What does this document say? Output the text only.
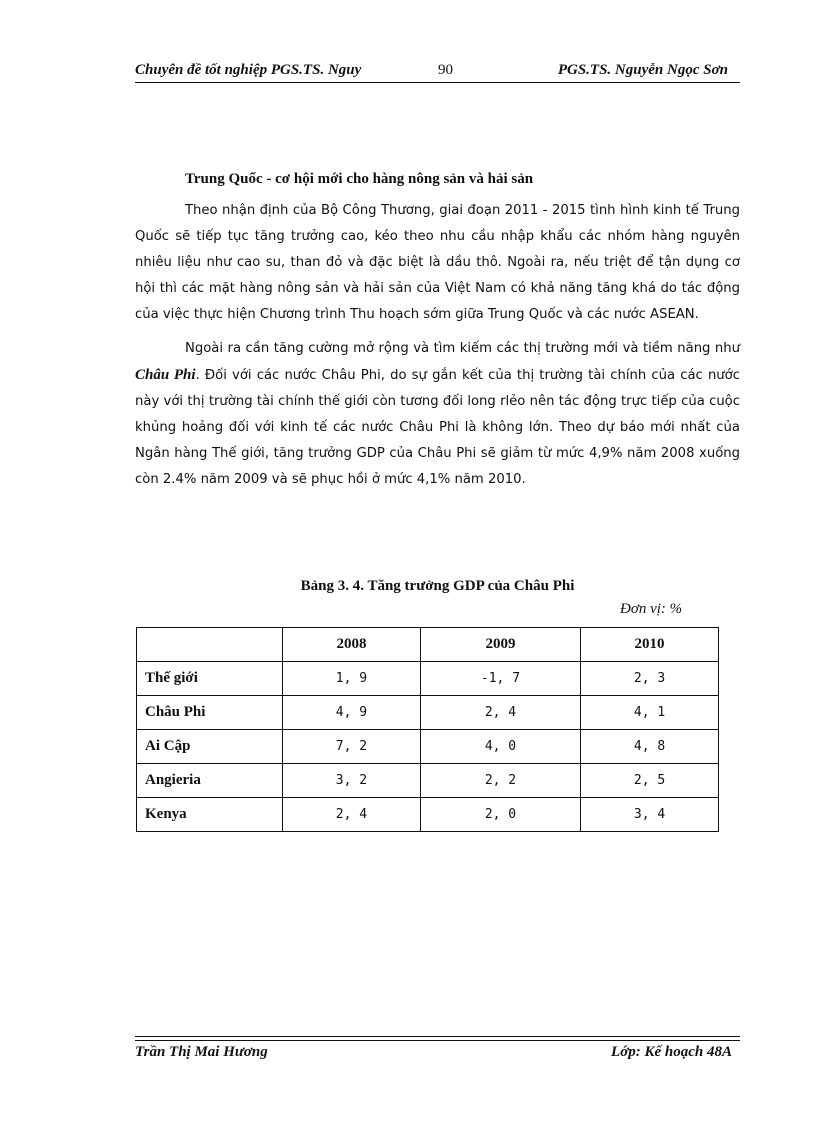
Chuyên đề tốt nghiệp PGS.TS. Nguy	90	PGS.TS. Nguyễn Ngọc Sơn

Trung Quốc - cơ hội mới cho hàng nông sản và hải sản

Theo nhận định của Bộ Công Thương, giai đoạn 2011 - 2015 tình hình kinh tế Trung Quốc sẽ tiếp tục tăng trưởng cao, kéo theo nhu cầu nhập khẩu các nhóm hàng nguyên nhiêu liệu như cao su, than đỏ và đặc biệt là dầu thô. Ngoài ra, nếu triệt để tận dụng cơ hội thì các mặt hàng nông sản và hải sản của Việt Nam có khả năng tăng khá do tác động của việc thực hiện Chương trình Thu hoạch sớm giữa Trung Quốc và các nước ASEAN.

Ngoài ra cần tăng cường mở rộng và tìm kiếm các thị trường mới và tiềm năng như Châu Phi. Đối với các nước Châu Phi, do sự gắn kết của thị trường tài chính của các nước này với thị trường tài chính thế giới còn tương đối long rlẻo nên tác động trực tiếp của cuộc khủng hoảng đối với kinh tế các nước Châu Phi là không lớn. Theo dự báo mới nhất của Ngân hàng Thế giới, tăng trưởng GDP của Châu Phi sẽ giảm từ mức 4,9% năm 2008 xuống còn 2.4% năm 2009 và sẽ phục hồi ở mức 4,1% năm 2010.

Bảng 3. 4. Tăng trưởng GDP của Châu Phi
Đơn vị: %
	2008	2009	2010
Thế giới	1, 9	-1, 7	2, 3
Châu Phi	4, 9	2, 4	4, 1
Ai Cập	7, 2	4, 0	4, 8
Angieria	3, 2	2, 2	2, 5
Kenya	2, 4	2, 0	3, 4
Trần Thị Mai Hương	Lớp: Kế hoạch 48A
